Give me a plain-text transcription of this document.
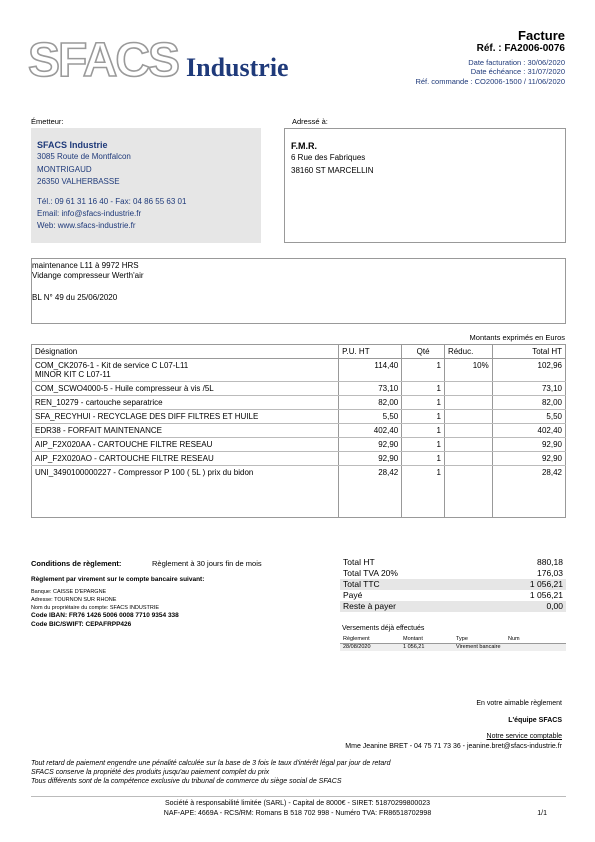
SFACS Industrie
Facture
Réf. : FA2006-0076
Date facturation : 30/06/2020
Date échéance : 31/07/2020
Réf. commande : CO2006-1500 / 11/06/2020
Émetteur:
SFACS Industrie
3085 Route de Montfalcon
MONTRIGAUD
26350 VALHERBASSE
Tél.: 09 61 31 16 40 - Fax: 04 86 55 63 01
Email: info@sfacs-industrie.fr
Web: www.sfacs-industrie.fr
Adressé à:
F.M.R.
6 Rue des Fabriques
38160 ST MARCELLIN
maintenance L11 à 9972 HRS
Vidange compresseur Werth'air
BL N° 49 du 25/06/2020
Montants exprimés en Euros
Désignation	P.U. HT	Qté	Réduc.	Total HT

COM_CK2076-1 - Kit de service C L07-L11
MINOR KIT C L07-11	114,40	1	10%	102,96
COM_SCWO4000-5 - Huile compresseur à vis /5L	73,10	1		73,10
REN_10279 - cartouche separatrice	82,00	1		82,00
SFA_RECYHUI - RECYCLAGE DES DIFF FILTRES ET HUILE	5,50	1		5,50
EDR38 - FORFAIT MAINTENANCE	402,40	1		402,40
AIP_F2X020AA - CARTOUCHE FILTRE RESEAU	92,90	1		92,90
AIP_F2X020AO - CARTOUCHE FILTRE RESEAU	92,90	1		92,90
UNI_3490100000227 - Compressor P 100 ( 5L ) prix du bidon	28,42	1		28,42
Conditions de règlement:	Règlement à 30 jours fin de mois
Règlement par virement sur le compte bancaire suivant:
Banque: CAISSE D'EPARGNE
Adresse: TOURNON SUR RHONE
Nom du propriétaire du compte: SFACS INDUSTRIE
Code IBAN: FR76 1426 5006 0008 7710 9354 338
Code BIC/SWIFT: CEPAFRPP426
Total HT	880,18
Total TVA 20%	176,03
Total TTC	1 056,21
Payé	1 056,21
Reste à payer	0,00
Versements déjà effectués
Règlement	Montant	Type	Num
28/08/2020	1 056,21	Virement bancaire
En votre aimable règlement
L'équipe SFACS
Notre service comptable
Mme Jeanine BRET - 04 75 71 73 36 - jeanine.bret@sfacs-industrie.fr
Tout retard de paiement engendre une pénalité calculée sur la base de 3 fois le taux d'intérêt légal par jour de retard
SFACS conserve la propriété des produits jusqu'au paiement complet du prix
Tous différents sont de la compétence exclusive du tribunal de commerce du siège social de SFACS
Société à responsabilité limitée (SARL) - Capital de 8000€ - SIRET: 51870299800023
NAF-APE: 4669A - RCS/RM: Romans B 518 702 998 - Numéro TVA: FR86518702998	1/1
